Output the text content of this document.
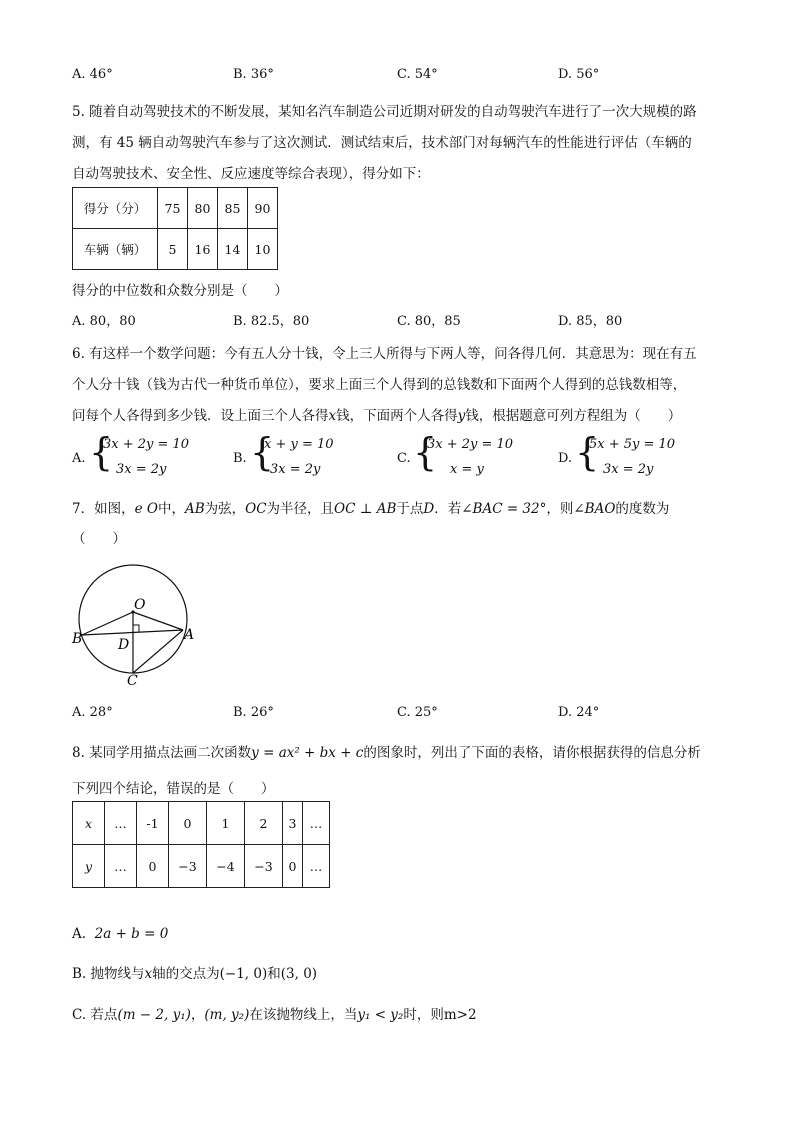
A. 46°	B. 36°	C. 54°	D. 56°
5. 随着自动驾驶技术的不断发展，某知名汽车制造公司近期对研发的自动驾驶汽车进行了一次大规模的路
测，有 45 辆自动驾驶汽车参与了这次测试．测试结束后，技术部门对每辆汽车的性能进行评估（车辆的
自动驾驶技术、安全性、反应速度等综合表现），得分如下：
得分（分）	75	80	85	90
车辆（辆）	5	16	14	10
得分的中位数和众数分别是（　　）
A. 80，80	B. 82.5，80	C. 80，85	D. 85，80
6. 有这样一个数学问题：今有五人分十钱，令上三人所得与下两人等，问各得几何．其意思为：现在有五
个人分十钱（钱为古代一种货币单位），要求上面三个人得到的总钱数和下面两个人得到的总钱数相等，
问每个人各得到多少钱．设上面三个人各得x钱，下面两个人各得y钱，根据题意可列方程组为（　　）
A. {
3x + 2y = 10
3x = 2y
B. {
x + y = 10
3x = 2y
C. {
3x + 2y = 10
x = y
D. {
5x + 5y = 10
3x = 2y
7．如图，e O中，AB为弦，OC为半径，且OC ⊥ AB于点D．若∠BAC = 32°，则∠BAO的度数为
（　　）
O
B	D
A
C
A. 28°	B. 26°	C. 25°	D. 24°
8. 某同学用描点法画二次函数y = ax² + bx + c的图象时，列出了下面的表格，请你根据获得的信息分析
下列四个结论，错误的是（　　）
x	…	-1	0	1	2	3	…
y	…	0	−3	−4	−3	0	…
A. 2a + b = 0
B. 抛物线与x轴的交点为(−1, 0)和(3, 0)
C. 若点(m − 2, y₁)，(m, y₂)在该抛物线上，当y₁ < y₂时，则m>2
